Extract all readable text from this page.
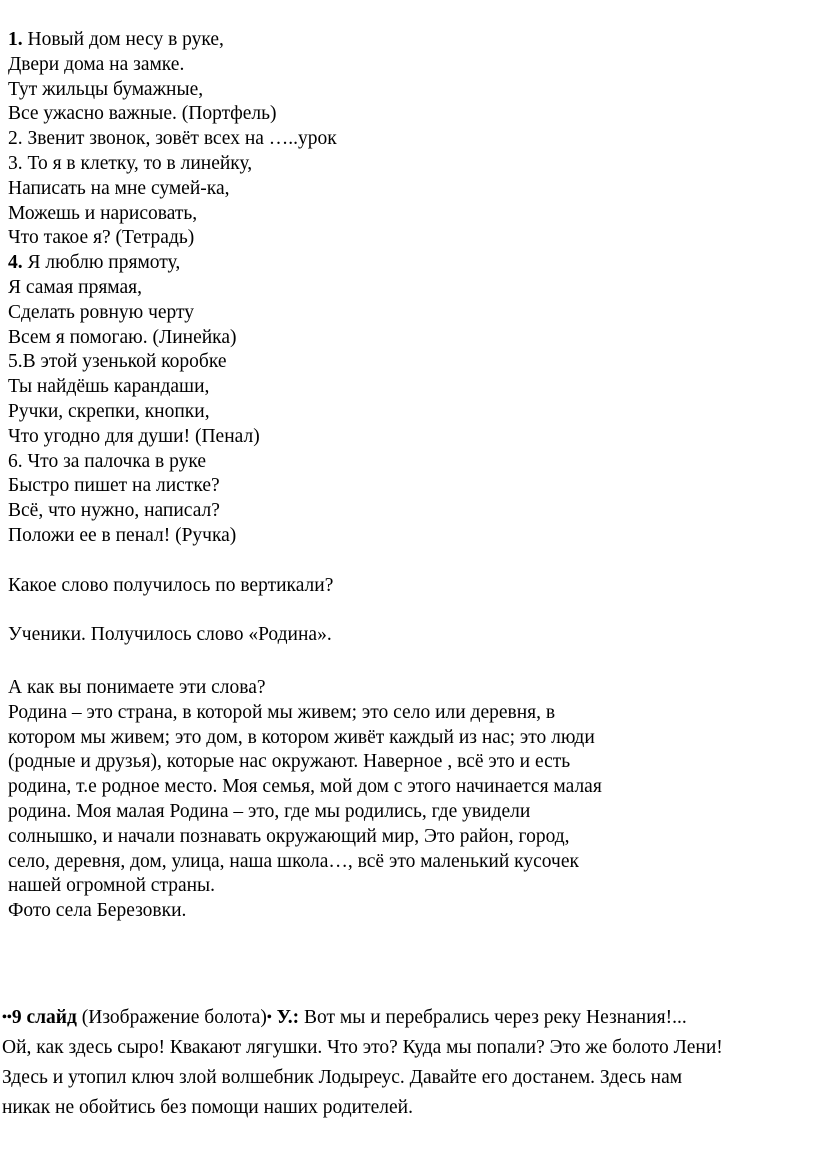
1. Новый дом несу в руке,
Двери дома на замке.
Тут жильцы бумажные,
Все ужасно важные. (Портфель)
2. Звенит звонок, зовёт всех на …..урок
3. То я в клетку, то в линейку,
Написать на мне сумей-ка,
Можешь и нарисовать,
Что такое я? (Тетрадь)
4. Я люблю прямоту,
Я самая прямая,
Сделать ровную черту
Всем я помогаю. (Линейка)
5.В этой узенькой коробке
Ты найдёшь карандаши,
Ручки, скрепки, кнопки,
Что угодно для души! (Пенал)
6. Что за палочка в руке
Быстро пишет на листке?
Всё, что нужно, написал?
Положи ее в пенал! (Ручка)
Какое слово получилось по вертикали?
Ученики. Получилось слово «Родина».
А как вы понимаете эти слова?
Родина – это страна, в которой мы живем; это село или деревня, в
котором мы живем; это дом, в котором живёт каждый из нас; это люди
(родные и друзья), которые нас окружают. Наверное , всё это и есть
родина, т.е родное место. Моя семья, мой дом с этого начинается малая
родина. Моя малая Родина – это, где мы родились, где увидели
солнышко, и начали познавать окружающий мир, Это район, город,
село, деревня, дом, улица, наша школа…, всё это маленький кусочек
нашей огромной страны.
Фото села Березовки.
••9 слайд (Изображение болота)• У.: Вот мы и перебрались через реку Незнания!...
Ой, как здесь сыро! Квакают лягушки. Что это? Куда мы попали? Это же болото Лени!
Здесь и утопил ключ злой волшебник Лодыреус. Давайте его достанем. Здесь нам
никак не обойтись без помощи наших родителей.
